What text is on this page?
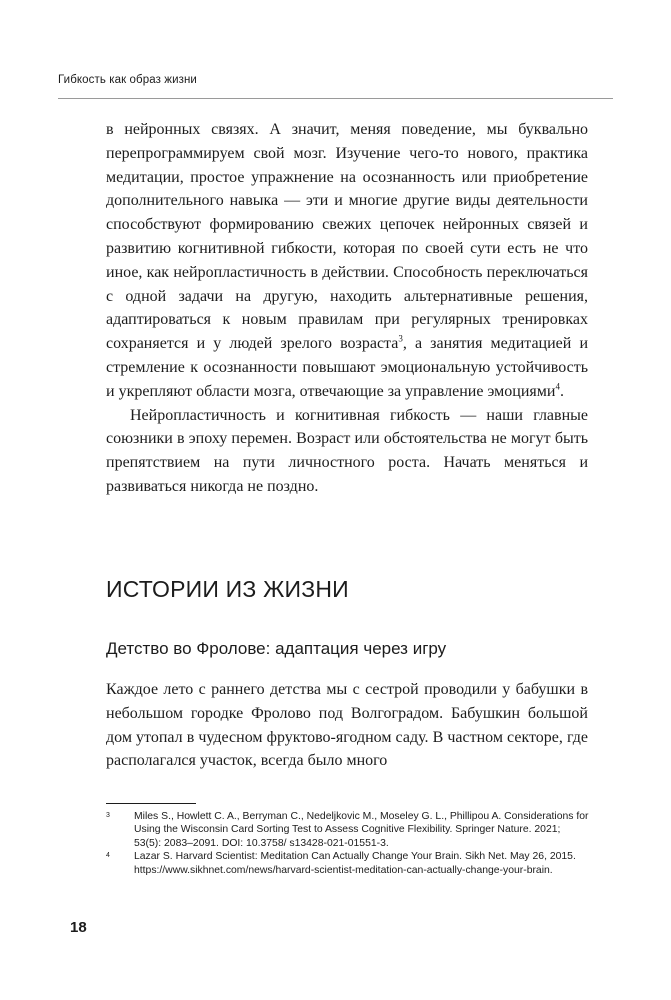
Гибкость как образ жизни

в нейронных связях. А значит, меняя поведение, мы буквально перепрограммируем свой мозг. Изучение чего-то нового, практика медитации, простое упражнение на осознанность или приобретение дополнительного навыка — эти и многие другие виды деятельности способствуют формированию свежих цепочек нейронных связей и развитию когнитивной гибкости, которая по своей сути есть не что иное, как нейропластичность в действии. Способность переключаться с одной задачи на другую, находить альтернативные решения, адаптироваться к новым правилам при регулярных тренировках сохраняется и у людей зрелого возраста$^3$, а занятия медитацией и стремление к осознанности повышают эмоциональную устойчивость и укрепляют области мозга, отвечающие за управление эмоциями$^4$.

Нейропластичность и когнитивная гибкость — наши главные союзники в эпоху перемен. Возраст или обстоятельства не могут быть препятствием на пути личностного роста. Начать меняться и развиваться никогда не поздно.

ИСТОРИИ ИЗ ЖИЗНИ
Детство во Фролове: адаптация через игру

Каждое лето с раннего детства мы с сестрой проводили у бабушки в небольшом городке Фролово под Волгоградом. Бабушкин большой дом утопал в чудесном фруктово-ягодном саду. В частном секторе, где располагался участок, всегда было много

3 Miles S., Howlett C. A., Berryman C., Nedeljkovic M., Moseley G. L., Phillipou A. Considerations for Using the Wisconsin Card Sorting Test to Assess Cognitive Flexibility. Springer Nature. 2021; 53(5): 2083–2091. DOI: 10.3758/ s13428-021-01551-3.
4 Lazar S. Harvard Scientist: Meditation Can Actually Change Your Brain. Sikh Net. May 26, 2015. https://www.sikhnet.com/news/harvard-scientist-meditation-can-actually-change-your-brain.
18
